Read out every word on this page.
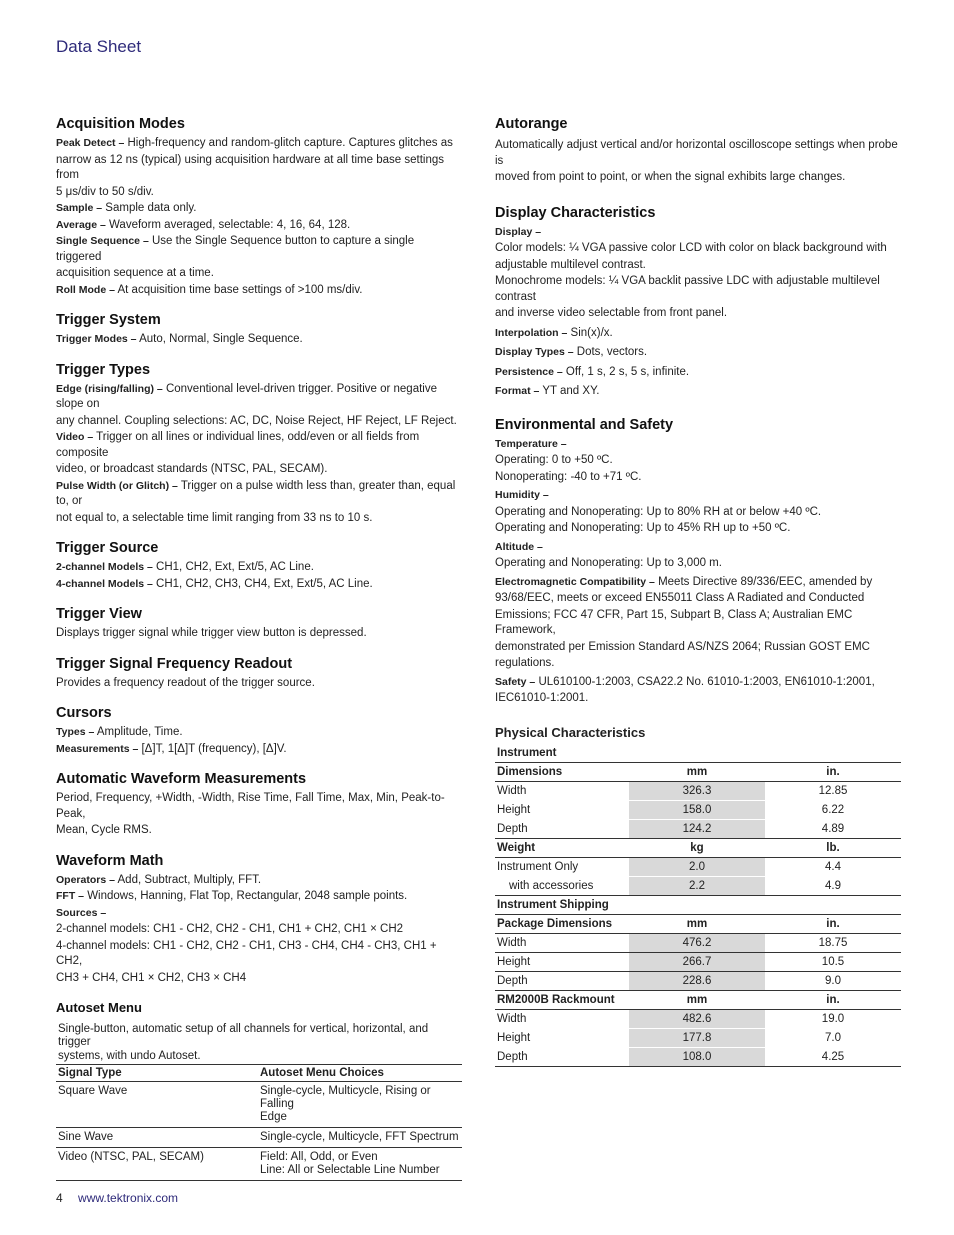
Data Sheet
Acquisition Modes

Peak Detect – High-frequency and random-glitch capture. Captures glitches as

narrow as 12 ns (typical) using acquisition hardware at all time base settings from

5 μs/div to 50 s/div.

Sample – Sample data only.

Average – Waveform averaged, selectable: 4, 16, 64, 128.

Single Sequence – Use the Single Sequence button to capture a single triggered

acquisition sequence at a time.

Roll Mode – At acquisition time base settings of >100 ms/div.

Trigger System

Trigger Modes – Auto, Normal, Single Sequence.

Trigger Types

Edge (rising/falling) – Conventional level-driven trigger. Positive or negative slope on

any channel. Coupling selections: AC, DC, Noise Reject, HF Reject, LF Reject.

Video – Trigger on all lines or individual lines, odd/even or all fields from composite

video, or broadcast standards (NTSC, PAL, SECAM).

Pulse Width (or Glitch) – Trigger on a pulse width less than, greater than, equal to, or

not equal to, a selectable time limit ranging from 33 ns to 10 s.

Trigger Source

2-channel Models – CH1, CH2, Ext, Ext/5, AC Line.

4-channel Models – CH1, CH2, CH3, CH4, Ext, Ext/5, AC Line.

Trigger View

Displays trigger signal while trigger view button is depressed.

Trigger Signal Frequency Readout

Provides a frequency readout of the trigger source.

Cursors

Types – Amplitude, Time.

Measurements – [Δ]T, 1[Δ]T (frequency), [Δ]V.

Automatic Waveform Measurements

Period, Frequency, +Width, -Width, Rise Time, Fall Time, Max, Min, Peak-to-Peak,

Mean, Cycle RMS.

Waveform Math

Operators – Add, Subtract, Multiply, FFT.

FFT – Windows, Hanning, Flat Top, Rectangular, 2048 sample points.

Sources –

2-channel models: CH1 - CH2, CH2 - CH1, CH1 + CH2, CH1 × CH2

4-channel models: CH1 - CH2, CH2 - CH1, CH3 - CH4, CH4 - CH3, CH1 + CH2,

CH3 + CH4, CH1 × CH2, CH3 × CH4

Autoset Menu

Single-button, automatic setup of all channels for vertical, horizontal, and trigger

systems, with undo Autoset.

Signal Type	Autoset Menu Choices
Square Wave	Single-cycle, Multicycle, Rising or Falling
Edge

Sine Wave	Single-cycle, Multicycle, FFT Spectrum
Video (NTSC, PAL, SECAM)	Field: All, Odd, or Even
Line: All or Selectable Line Number
Autorange

Automatically adjust vertical and/or horizontal oscilloscope settings when probe is

moved from point to point, or when the signal exhibits large changes.

Display Characteristics

Display –

Color models: ¼ VGA passive color LCD with color on black background with

adjustable multilevel contrast.

Monochrome models: ¼ VGA backlit passive LDC with adjustable multilevel contrast

and inverse video selectable from front panel.

Interpolation – Sin(x)/x.

Display Types – Dots, vectors.

Persistence – Off, 1 s, 2 s, 5 s, infinite.

Format – YT and XY.

Environmental and Safety

Temperature –

Operating: 0 to +50 ºC.

Nonoperating: -40 to +71 ºC.

Humidity –

Operating and Nonoperating: Up to 80% RH at or below +40 ºC.

Operating and Nonoperating: Up to 45% RH up to +50 ºC.

Altitude –

Operating and Nonoperating: Up to 3,000 m.

Electromagnetic Compatibility – Meets Directive 89/336/EEC, amended by

93/68/EEC, meets or exceed EN55011 Class A Radiated and Conducted

Emissions; FCC 47 CFR, Part 15, Subpart B, Class A; Australian EMC Framework,

demonstrated per Emission Standard AS/NZS 2064; Russian GOST EMC

regulations.

Safety – UL610100-1:2003, CSA22.2 No. 61010-1:2003, EN61010-1:2001,

IEC61010-1:2001.

Physical Characteristics
Instrument		
Dimensions	mm	in.
Width	326.3	12.85
Height	158.0	6.22
Depth	124.2	4.89
Weight	kg	lb.
Instrument Only	2.0	4.4
with accessories	2.2	4.9
Instrument Shipping		
Package Dimensions	mm	in.
Width	476.2	18.75
Height	266.7	10.5
Depth	228.6	9.0
RM2000B Rackmount	mm	in.
Width	482.6	19.0
Height	177.8	7.0
Depth	108.0	4.25
4 www.tektronix.com
